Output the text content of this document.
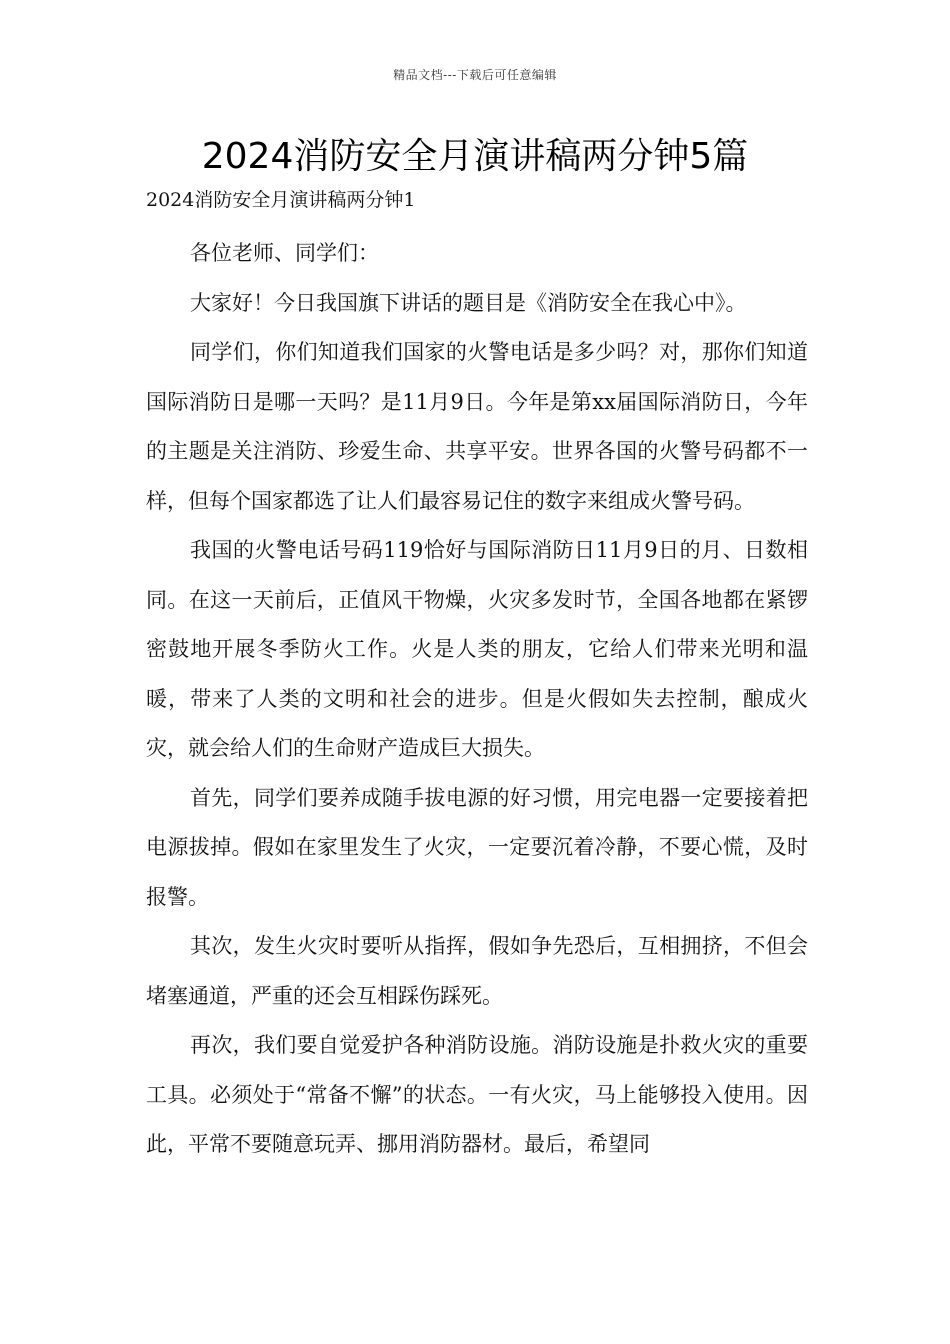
精品文档---下载后可任意编辑
2024消防安全月演讲稿两分钟5篇

2024消防安全月演讲稿两分钟1

各位老师、同学们：

大家好！今日我国旗下讲话的题目是《消防安全在我心中》。

同学们，你们知道我们国家的火警电话是多少吗？对，那你们知道国际消防日是哪一天吗？是11月9日。今年是第xx届国际消防日，今年的主题是关注消防、珍爱生命、共享平安。世界各国的火警号码都不一样，但每个国家都选了让人们最容易记住的数字来组成火警号码。

我国的火警电话号码119恰好与国际消防日11月9日的月、日数相同。在这一天前后，正值风干物燥，火灾多发时节，全国各地都在紧锣密鼓地开展冬季防火工作。火是人类的朋友，它给人们带来光明和温暖，带来了人类的文明和社会的进步。但是火假如失去控制，酿成火灾，就会给人们的生命财产造成巨大损失。

首先，同学们要养成随手拔电源的好习惯，用完电器一定要接着把电源拔掉。假如在家里发生了火灾，一定要沉着冷静，不要心慌，及时报警。

其次，发生火灾时要听从指挥，假如争先恐后，互相拥挤，不但会堵塞通道，严重的还会互相踩伤踩死。

再次，我们要自觉爱护各种消防设施。消防设施是扑救火灾的重要工具。必须处于“常备不懈”的状态。一有火灾，马上能够投入使用。因此，平常不要随意玩弄、挪用消防器材。最后，希望同
